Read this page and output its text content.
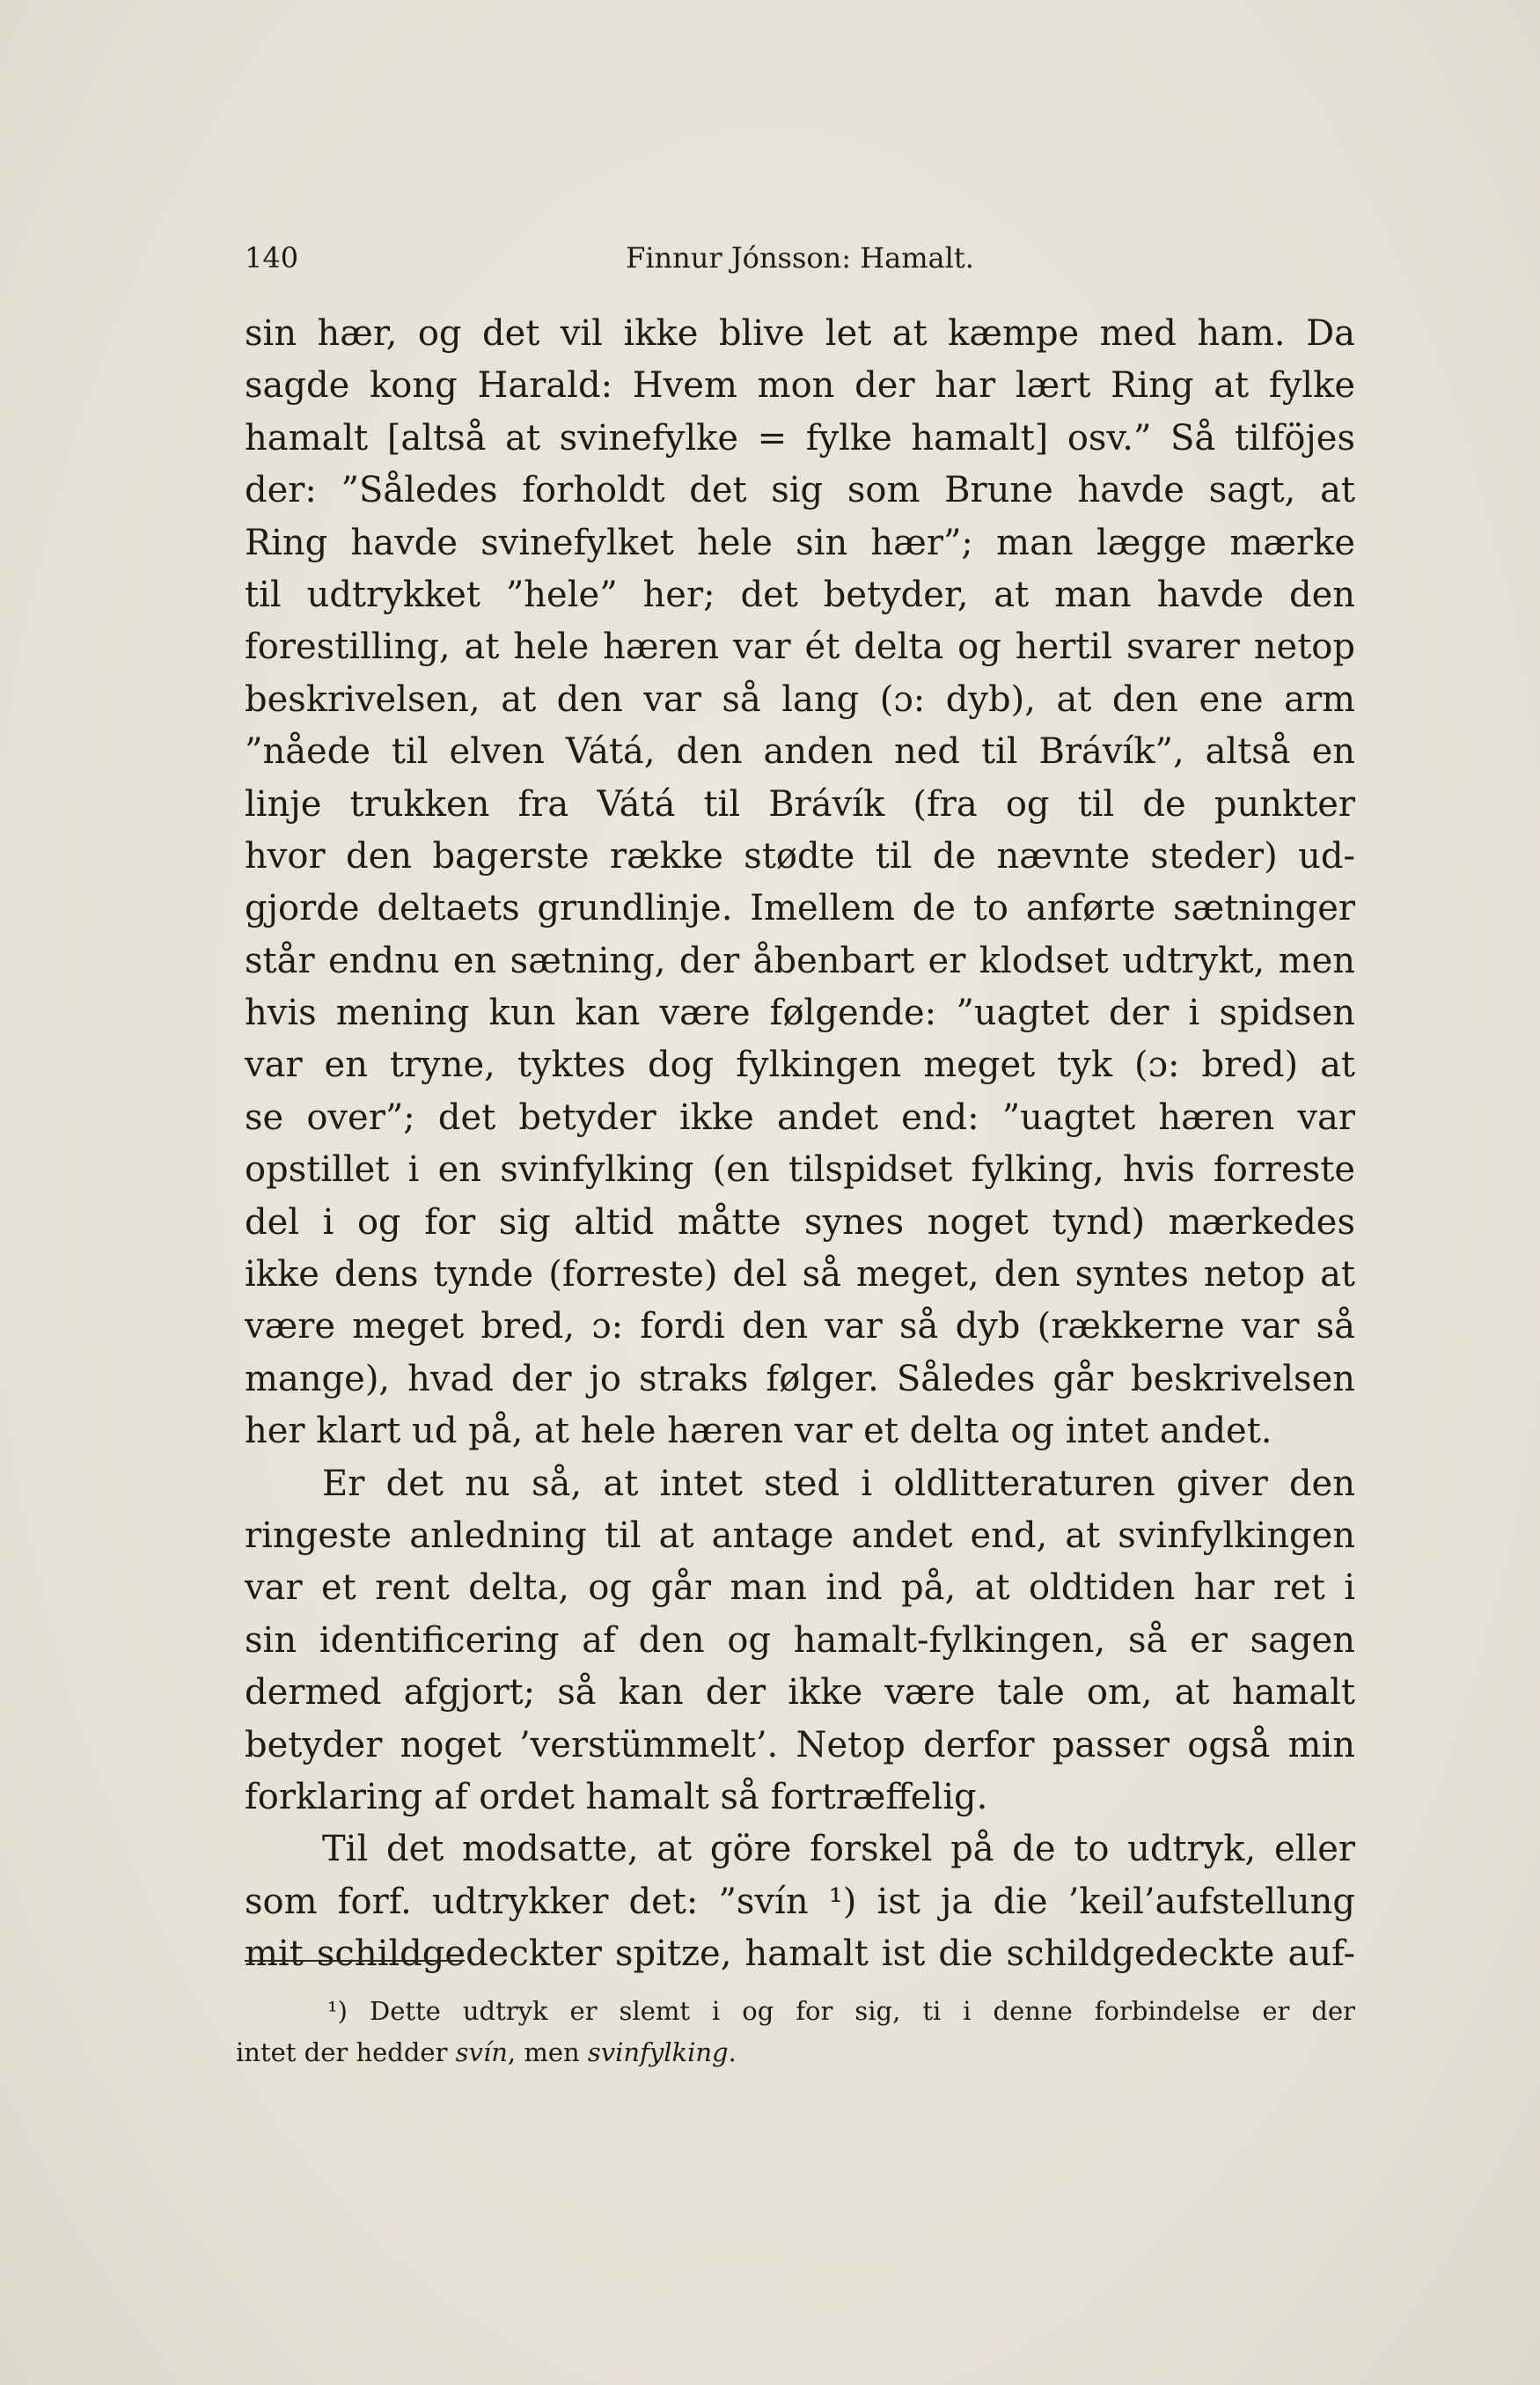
140	Finnur Jónsson: Hamalt.
sin hær, og det vil ikke blive let at kæmpe med ham. Da
sagde kong Harald: Hvem mon der har lært Ring at fylke
hamalt [altså at svinefylke = fylke hamalt] osv.” Så tilföjes
der: ”Således forholdt det sig som Brune havde sagt, at
Ring havde svinefylket hele sin hær”; man lægge mærke
til udtrykket ”hele” her; det betyder, at man havde den
forestilling, at hele hæren var ét delta og hertil svarer netop
beskrivelsen, at den var så lang (ɔ: dyb), at den ene arm
”nåede til elven Vátá, den anden ned til Brávík”, altså en
linje trukken fra Vátá til Brávík (fra og til de punkter
hvor den bagerste række stødte til de nævnte steder) ud-
gjorde deltaets grundlinje. Imellem de to anførte sætninger
står endnu en sætning, der åbenbart er klodset udtrykt, men
hvis mening kun kan være følgende: ”uagtet der i spidsen
var en tryne, tyktes dog fylkingen meget tyk (ɔ: bred) at
se over”; det betyder ikke andet end: ”uagtet hæren var
opstillet i en svinfylking (en tilspidset fylking, hvis forreste
del i og for sig altid måtte synes noget tynd) mærkedes
ikke dens tynde (forreste) del så meget, den syntes netop at
være meget bred, ɔ: fordi den var så dyb (rækkerne var så
mange), hvad der jo straks følger. Således går beskrivelsen
her klart ud på, at hele hæren var et delta og intet andet.
Er det nu så, at intet sted i oldlitteraturen giver den
ringeste anledning til at antage andet end, at svinfylkingen
var et rent delta, og går man ind på, at oldtiden har ret i
sin identificering af den og hamalt-fylkingen, så er sagen
dermed afgjort; så kan der ikke være tale om, at hamalt
betyder noget ’verstümmelt’. Netop derfor passer også min
forklaring af ordet hamalt så fortræffelig.
Til det modsatte, at göre forskel på de to udtryk, eller
som forf. udtrykker det: ”svín ¹) ist ja die ’keil’aufstellung
mit schildgedeckter spitze, hamalt ist die schildgedeckte auf-
¹) Dette udtryk er slemt i og for sig, ti i denne forbindelse er der
intet der hedder svín, men svinfylking.
